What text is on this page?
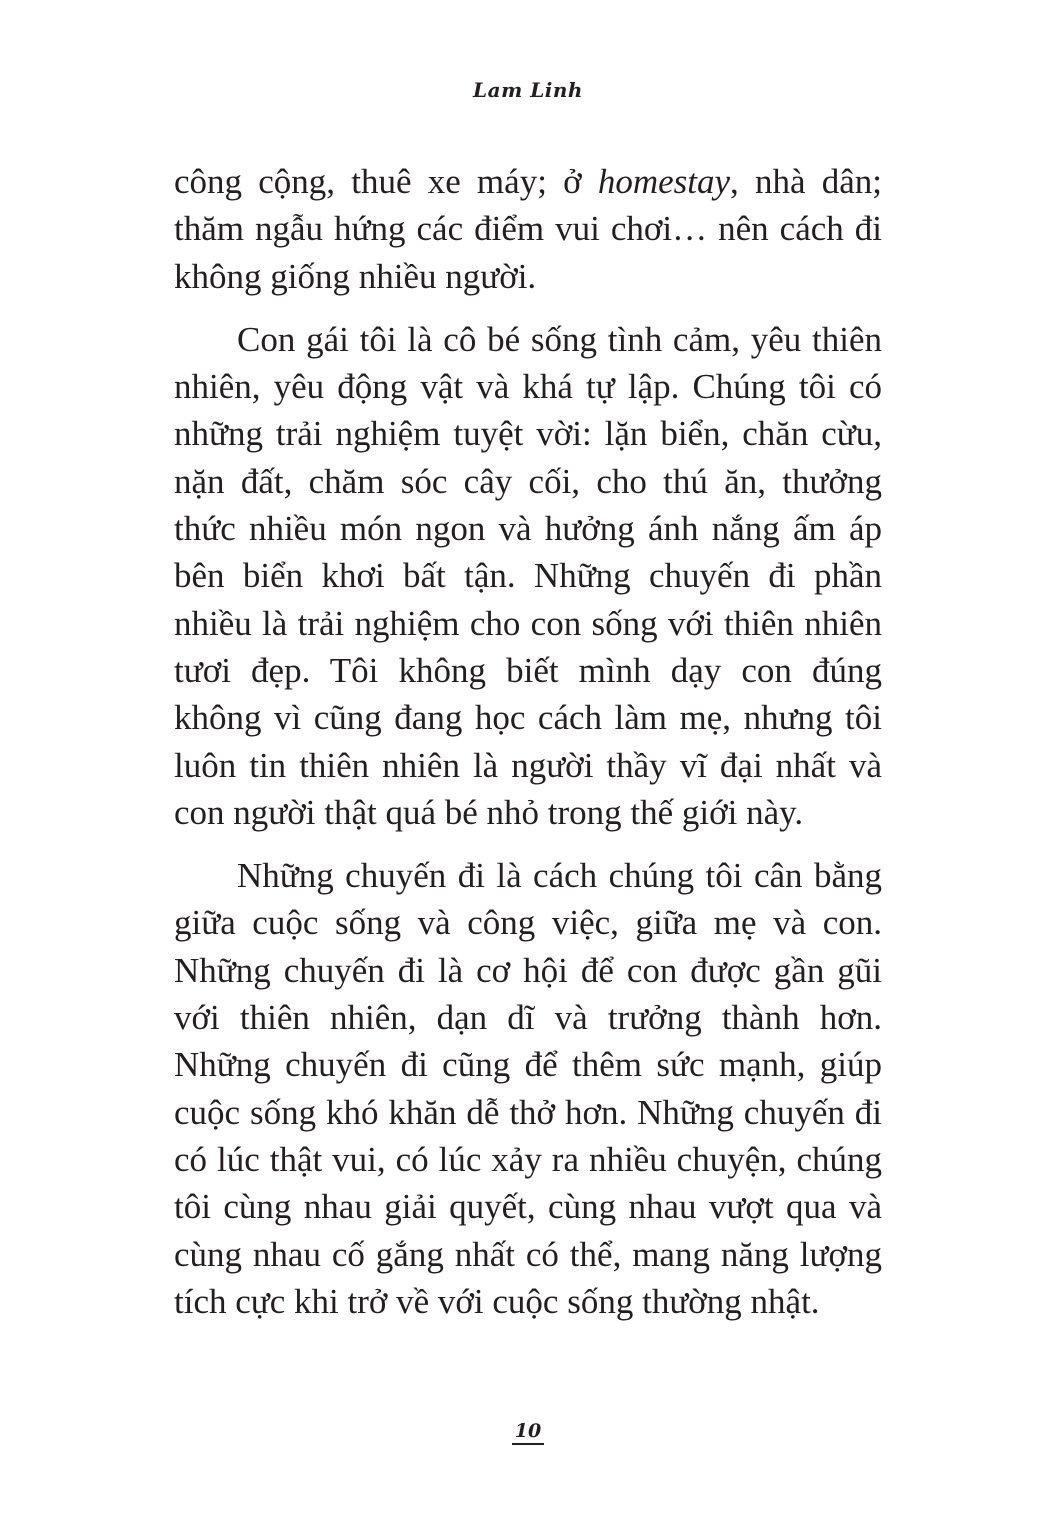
Lam Linh

công cộng, thuê xe máy; ở homestay, nhà dân; thăm ngẫu hứng các điểm vui chơi… nên cách đi không giống nhiều người.

Con gái tôi là cô bé sống tình cảm, yêu thiên nhiên, yêu động vật và khá tự lập. Chúng tôi có những trải nghiệm tuyệt vời: lặn biển, chăn cừu, nặn đất, chăm sóc cây cối, cho thú ăn, thưởng thức nhiều món ngon và hưởng ánh nắng ấm áp bên biển khơi bất tận. Những chuyến đi phần nhiều là trải nghiệm cho con sống với thiên nhiên tươi đẹp. Tôi không biết mình dạy con đúng không vì cũng đang học cách làm mẹ, nhưng tôi luôn tin thiên nhiên là người thầy vĩ đại nhất và con người thật quá bé nhỏ trong thế giới này.

Những chuyến đi là cách chúng tôi cân bằng giữa cuộc sống và công việc, giữa mẹ và con. Những chuyến đi là cơ hội để con được gần gũi với thiên nhiên, dạn dĩ và trưởng thành hơn. Những chuyến đi cũng để thêm sức mạnh, giúp cuộc sống khó khăn dễ thở hơn. Những chuyến đi có lúc thật vui, có lúc xảy ra nhiều chuyện, chúng tôi cùng nhau giải quyết, cùng nhau vượt qua và cùng nhau cố gắng nhất có thể, mang năng lượng tích cực khi trở về với cuộc sống thường nhật.

10
